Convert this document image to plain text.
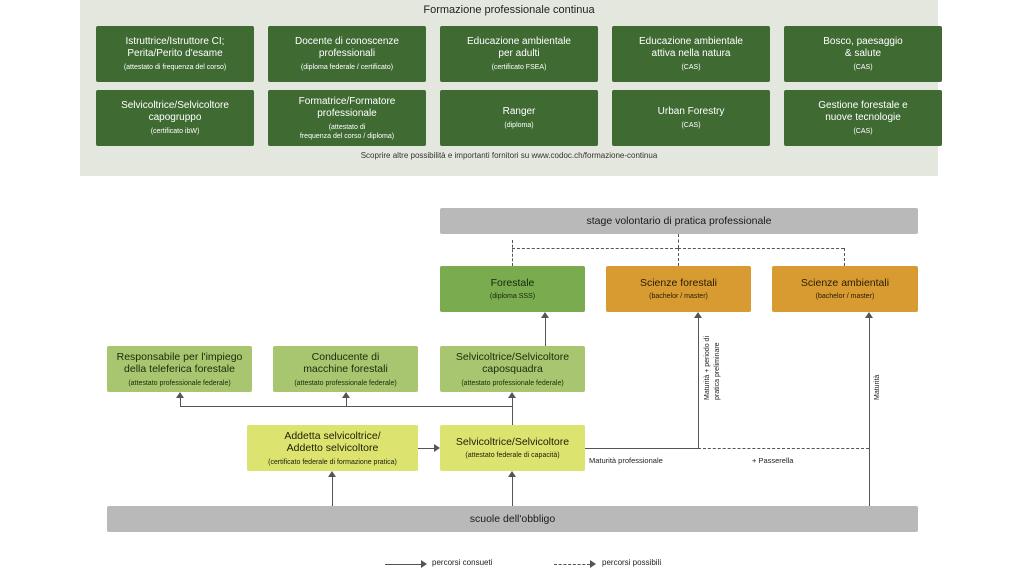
Formazione professionale continua
Istruttrice/Istruttore CI;
Perita/Perito d'esame
(attestato di frequenza del corso)
Docente di conoscenze
professionali
(diploma federale / certificato)
Educazione ambientale
per adulti
(certificato FSEA)
Educazione ambientale
attiva nella natura
(CAS)
Bosco, paesaggio
& salute
(CAS)
Selvicoltrice/Selvicoltore
capogruppo
(certificato ibW)
Formatrice/Formatore
professionale
(attestato di
frequenza del corso / diploma)
Ranger
(diploma)
Urban Forestry
(CAS)
Gestione forestale e
nuove tecnologie
(CAS)
Scoprire altre possibilità e importanti fornitori su www.codoc.ch/formazione-continua
stage volontario di pratica professionale
Forestale
(diploma SSS)
Scienze forestali
(bachelor / master)
Scienze ambientali
(bachelor / master)
Responsabile per l'impiego
della teleferica forestale
(attestato professionale federale)
Conducente di
macchine forestali
(attestato professionale federale)
Selvicoltrice/Selvicoltore
caposquadra
(attestato professionale federale)
Addetta selvicoltrice/
Addetto selvicoltore
(certificato federale di formazione pratica)
Selvicoltrice/Selvicoltore
(attestato federale di capacità)
scuole dell'obbligo
Maturità professionale
Maturità + periodo di pratica preliminare	Maturità
+ Passerella
percorsi consueti	percorsi possibili
